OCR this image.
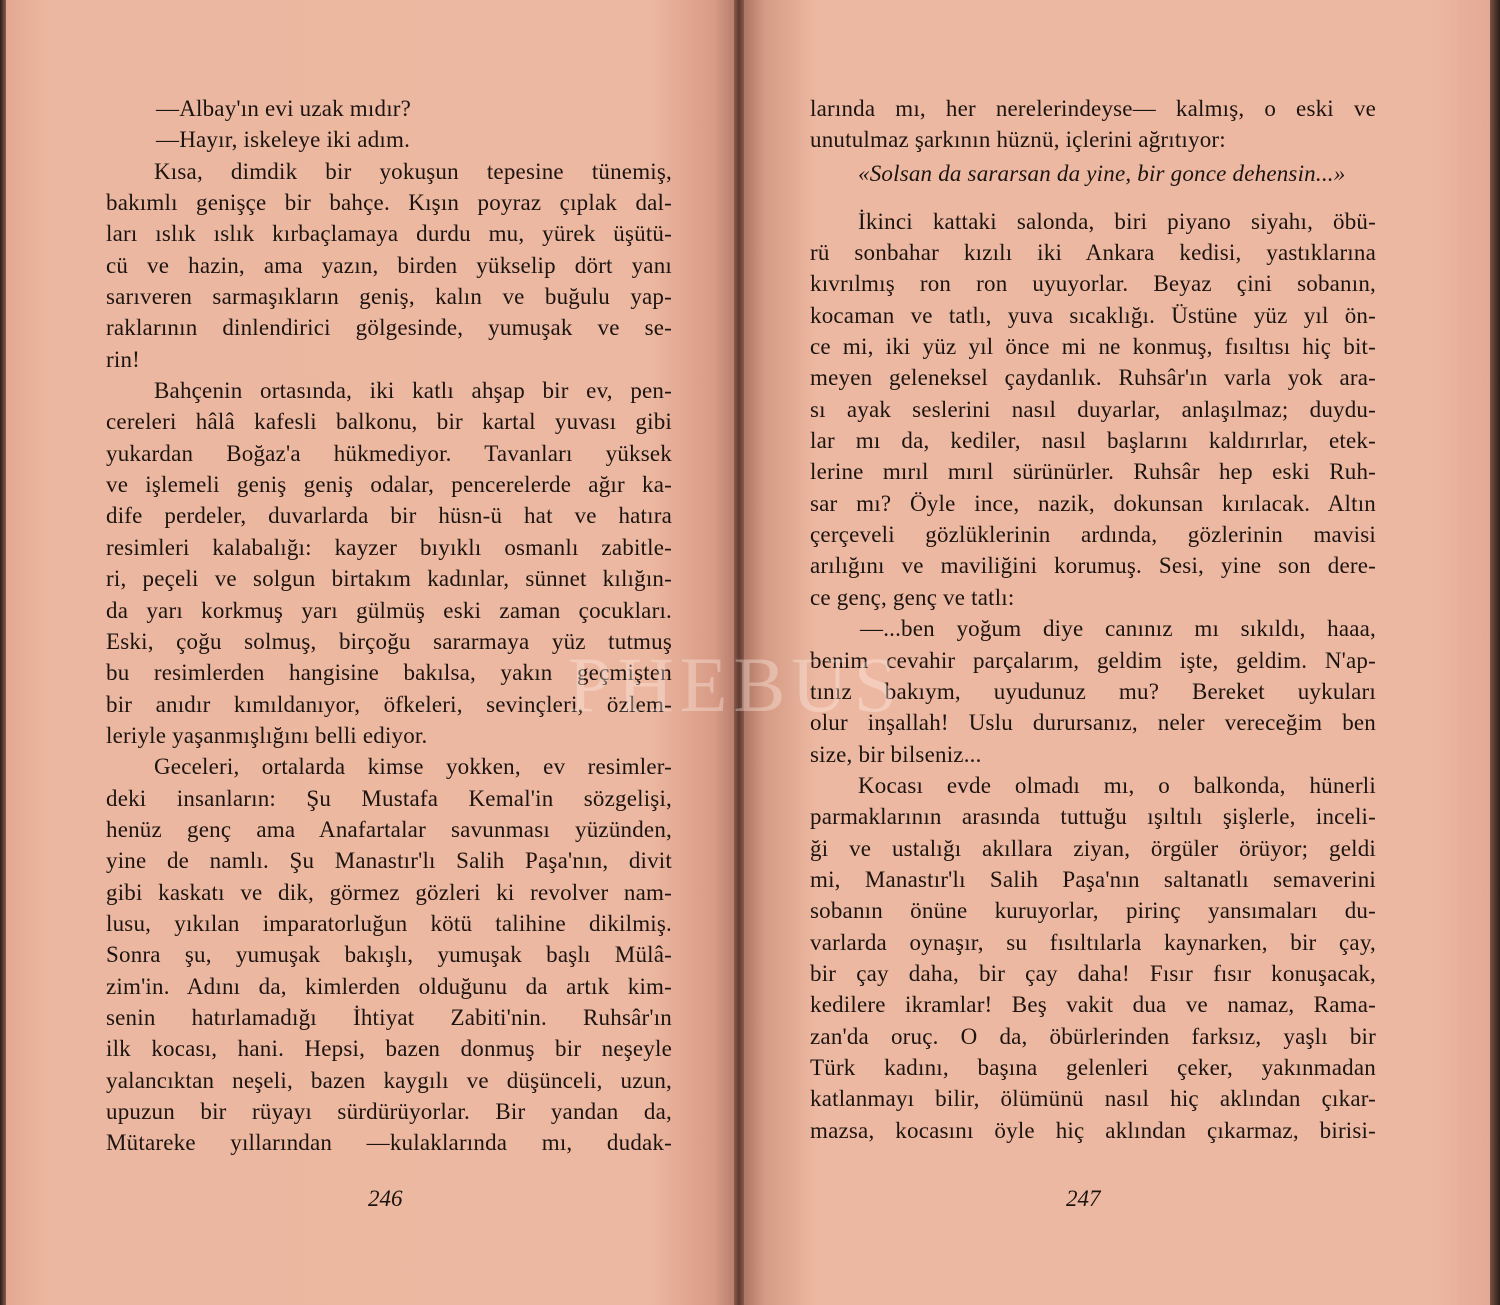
—Albay'ın evi uzak mıdır?
—Hayır, iskeleye iki adım.
Kısa, dimdik bir yokuşun tepesine tünemiş,
bakımlı genişçe bir bahçe. Kışın poyraz çıplak dal-
ları ıslık ıslık kırbaçlamaya durdu mu, yürek üşütü-
cü ve hazin, ama yazın, birden yükselip dört yanı
sarıveren sarmaşıkların geniş, kalın ve buğulu yap-
raklarının dinlendirici gölgesinde, yumuşak ve se-
rin!
Bahçenin ortasında, iki katlı ahşap bir ev, pen-
cereleri hâlâ kafesli balkonu, bir kartal yuvası gibi
yukardan Boğaz'a hükmediyor. Tavanları yüksek
ve işlemeli geniş geniş odalar, pencerelerde ağır ka-
dife perdeler, duvarlarda bir hüsn-ü hat ve hatıra
resimleri kalabalığı: kayzer bıyıklı osmanlı zabitle-
ri, peçeli ve solgun birtakım kadınlar, sünnet kılığın-
da yarı korkmuş yarı gülmüş eski zaman çocukları.
Eski, çoğu solmuş, birçoğu sararmaya yüz tutmuş
bu resimlerden hangisine bakılsa, yakın geçmişten
bir anıdır kımıldanıyor, öfkeleri, sevinçleri, özlem-
leriyle yaşanmışlığını belli ediyor.
Geceleri, ortalarda kimse yokken, ev resimler-
deki insanların: Şu Mustafa Kemal'in sözgelişi,
henüz genç ama Anafartalar savunması yüzünden,
yine de namlı. Şu Manastır'lı Salih Paşa'nın, divit
gibi kaskatı ve dik, görmez gözleri ki revolver nam-
lusu, yıkılan imparatorluğun kötü talihine dikilmiş.
Sonra şu, yumuşak bakışlı, yumuşak başlı Mülâ-
zim'in. Adını da, kimlerden olduğunu da artık kim-
senin hatırlamadığı İhtiyat Zabiti'nin. Ruhsâr'ın
ilk kocası, hani. Hepsi, bazen donmuş bir neşeyle
yalancıktan neşeli, bazen kaygılı ve düşünceli, uzun,
upuzun bir rüyayı sürdürüyorlar. Bir yandan da,
Mütareke yıllarından —kulaklarında mı, dudak-
246
larında mı, her nerelerindeyse— kalmış, o eski ve
unutulmaz şarkının hüznü, içlerini ağrıtıyor:
«Solsan da sararsan da yine, bir gonce dehensin...»
İkinci kattaki salonda, biri piyano siyahı, öbü-
rü sonbahar kızılı iki Ankara kedisi, yastıklarına
kıvrılmış ron ron uyuyorlar. Beyaz çini sobanın,
kocaman ve tatlı, yuva sıcaklığı. Üstüne yüz yıl ön-
ce mi, iki yüz yıl önce mi ne konmuş, fısıltısı hiç bit-
meyen geleneksel çaydanlık. Ruhsâr'ın varla yok ara-
sı ayak seslerini nasıl duyarlar, anlaşılmaz; duydu-
lar mı da, kediler, nasıl başlarını kaldırırlar, etek-
lerine mırıl mırıl sürünürler. Ruhsâr hep eski Ruh-
sar mı? Öyle ince, nazik, dokunsan kırılacak. Altın
çerçeveli gözlüklerinin ardında, gözlerinin mavisi
arılığını ve maviliğini korumuş. Sesi, yine son dere-
ce genç, genç ve tatlı:
—...ben yoğum diye canınız mı sıkıldı, haaa,
benim cevahir parçalarım, geldim işte, geldim. N'ap-
tınız bakıym, uyudunuz mu? Bereket uykuları
olur inşallah! Uslu durursanız, neler vereceğim ben
size, bir bilseniz...
Kocası evde olmadı mı, o balkonda, hünerli
parmaklarının arasında tuttuğu ışıltılı şişlerle, inceli-
ği ve ustalığı akıllara ziyan, örgüler örüyor; geldi
mi, Manastır'lı Salih Paşa'nın saltanatlı semaverini
sobanın önüne kuruyorlar, pirinç yansımaları du-
varlarda oynaşır, su fısıltılarla kaynarken, bir çay,
bir çay daha, bir çay daha! Fısır fısır konuşacak,
kedilere ikramlar! Beş vakit dua ve namaz, Rama-
zan'da oruç. O da, öbürlerinden farksız, yaşlı bir
Türk kadını, başına gelenleri çeker, yakınmadan
katlanmayı bilir, ölümünü nasıl hiç aklından çıkar-
mazsa, kocasını öyle hiç aklından çıkarmaz, birisi-
247
PHEBUS
